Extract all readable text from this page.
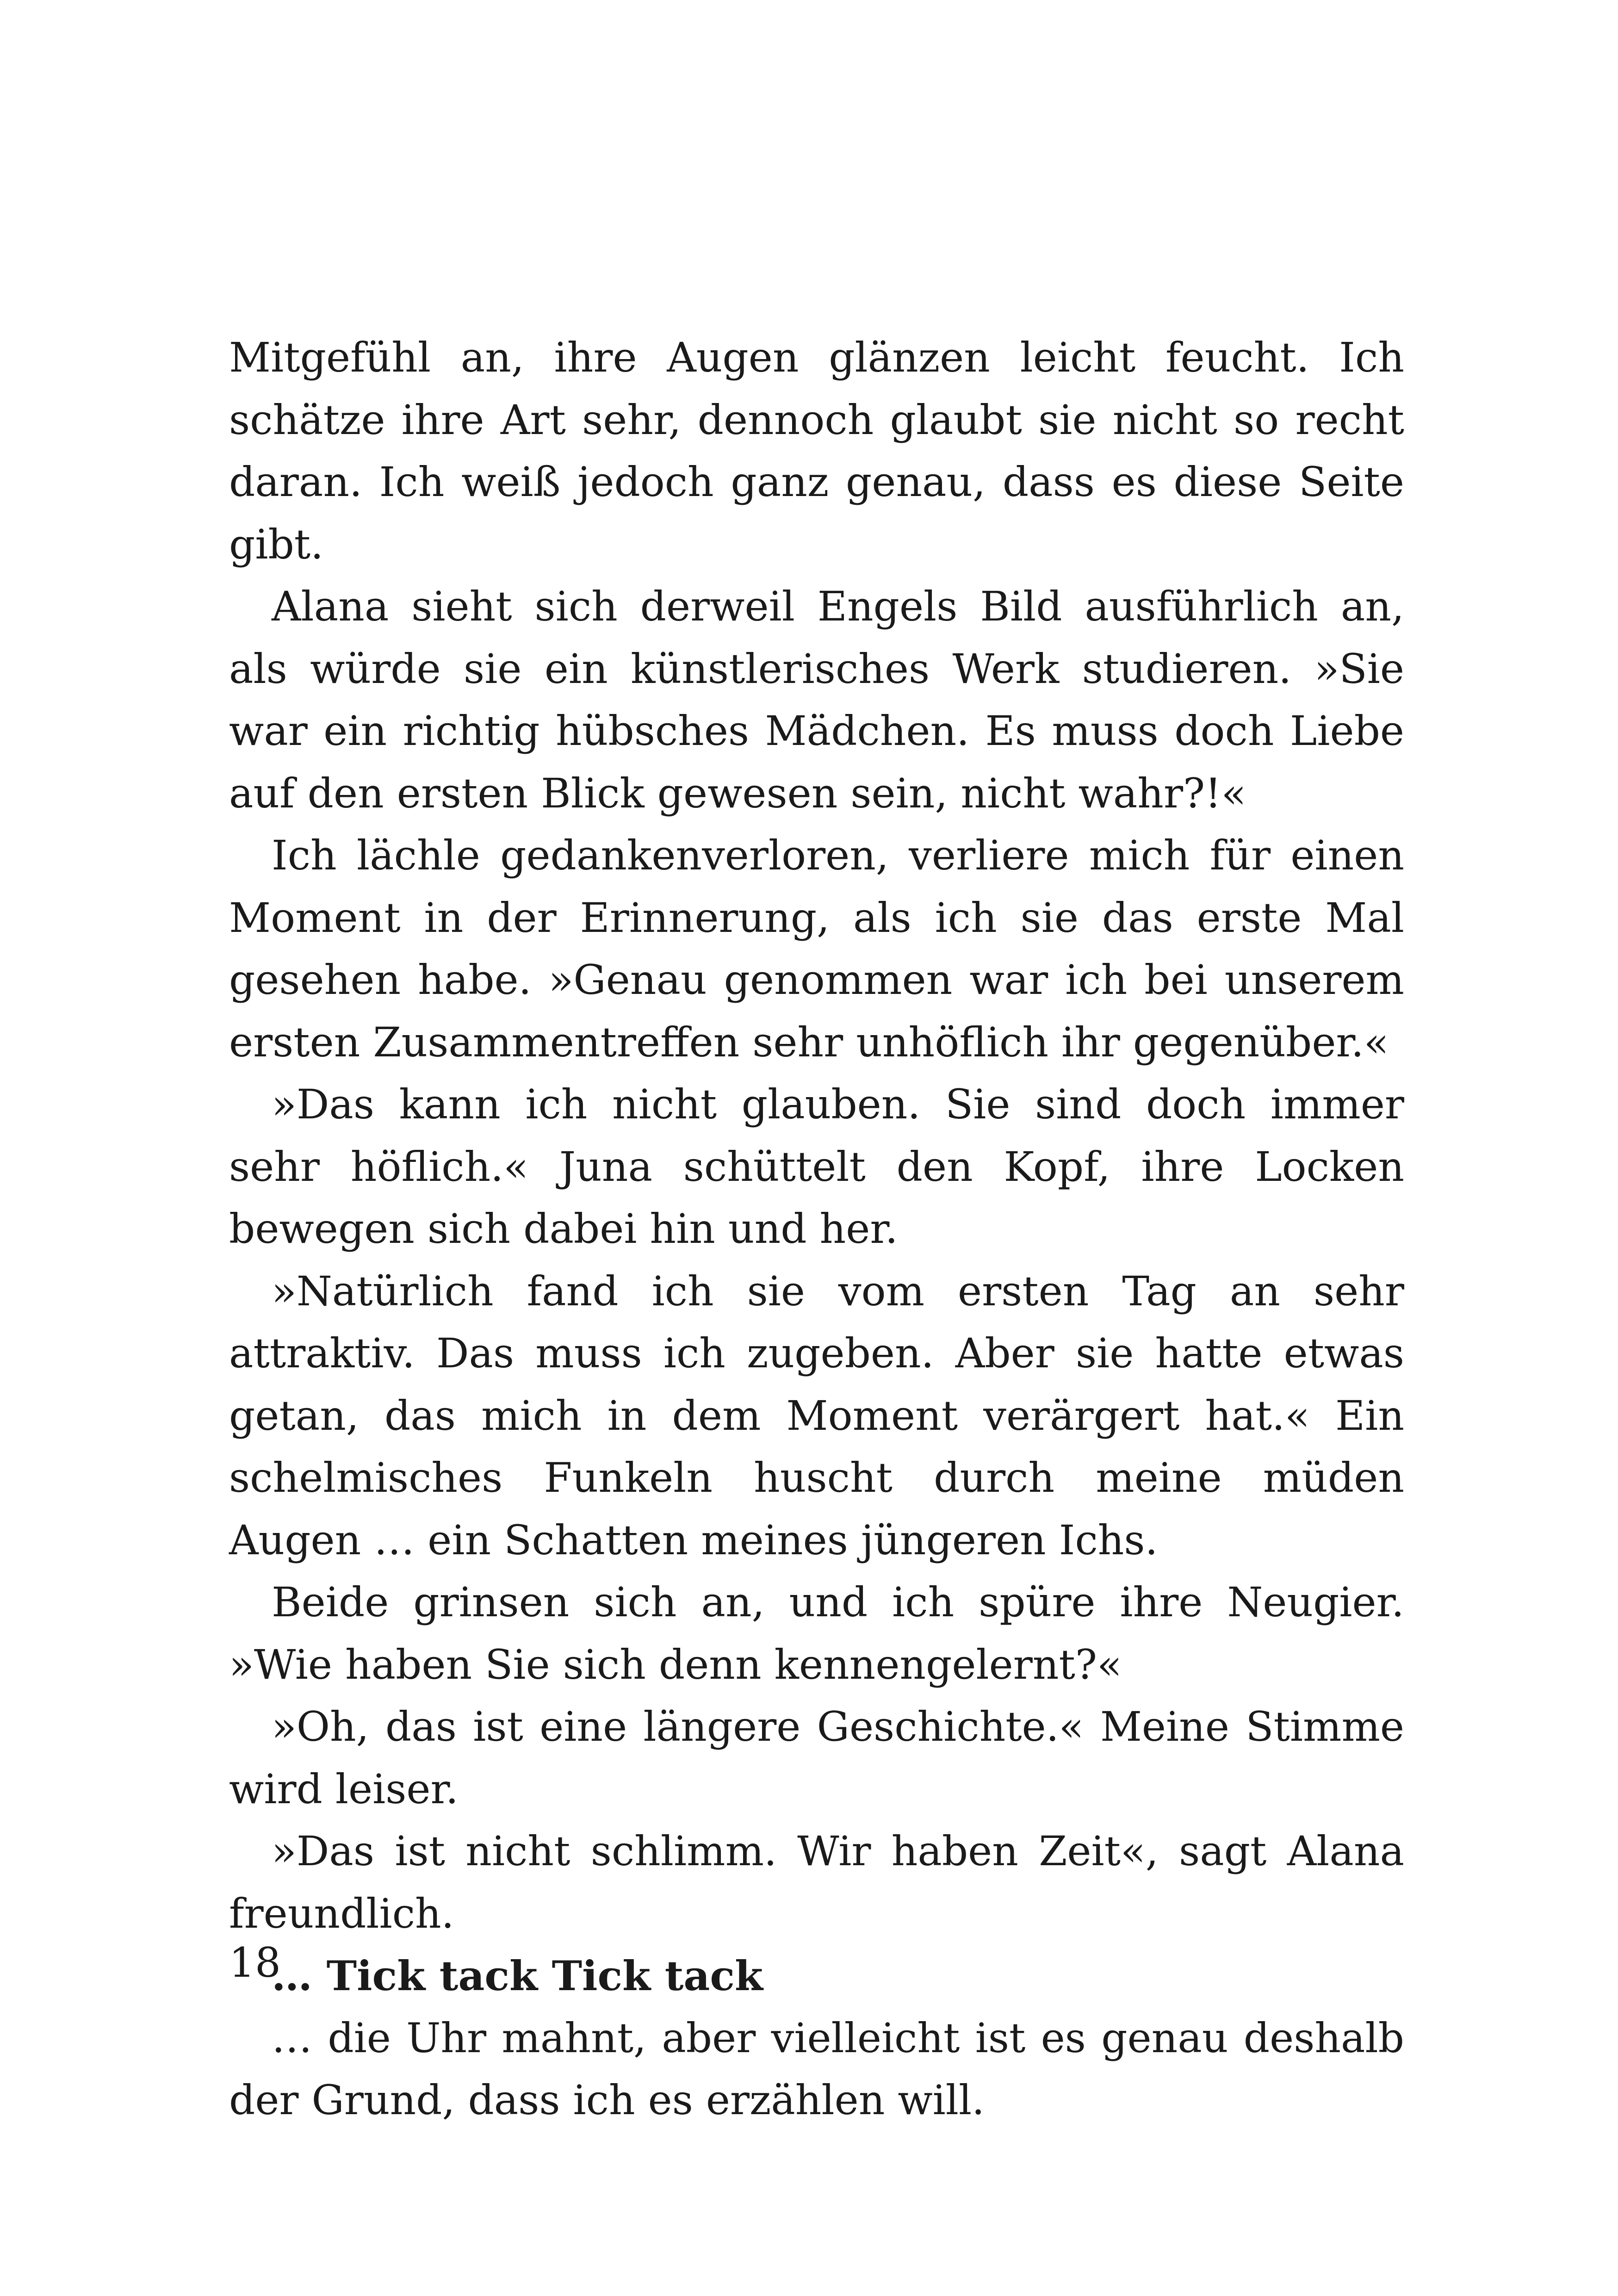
Mitgefühl an, ihre Augen glänzen leicht feucht. Ich schätze ihre Art sehr, dennoch glaubt sie nicht so recht daran. Ich weiß jedoch ganz genau, dass es diese Seite gibt.

Alana sieht sich derweil Engels Bild ausführlich an, als würde sie ein künstlerisches Werk studieren. »Sie war ein richtig hübsches Mädchen. Es muss doch Liebe auf den ersten Blick gewesen sein, nicht wahr?!«

Ich lächle gedankenverloren, verliere mich für einen Moment in der Erinnerung, als ich sie das erste Mal gesehen habe. »Genau genommen war ich bei unserem ersten Zusammentreffen sehr unhöflich ihr gegenüber.«

»Das kann ich nicht glauben. Sie sind doch immer sehr höflich.« Juna schüttelt den Kopf, ihre Locken bewegen sich dabei hin und her.

»Natürlich fand ich sie vom ersten Tag an sehr attraktiv. Das muss ich zugeben. Aber sie hatte etwas getan, das mich in dem Moment verärgert hat.« Ein schelmisches Funkeln huscht durch meine müden Augen … ein Schatten meines jüngeren Ichs.

Beide grinsen sich an, und ich spüre ihre Neugier. »Wie haben Sie sich denn kennengelernt?«

»Oh, das ist eine längere Geschichte.« Meine Stimme wird leiser.

»Das ist nicht schlimm. Wir haben Zeit«, sagt Alana freundlich.

… Tick tack Tick tack

… die Uhr mahnt, aber vielleicht ist es genau deshalb der Grund, dass ich es erzählen will.

18
